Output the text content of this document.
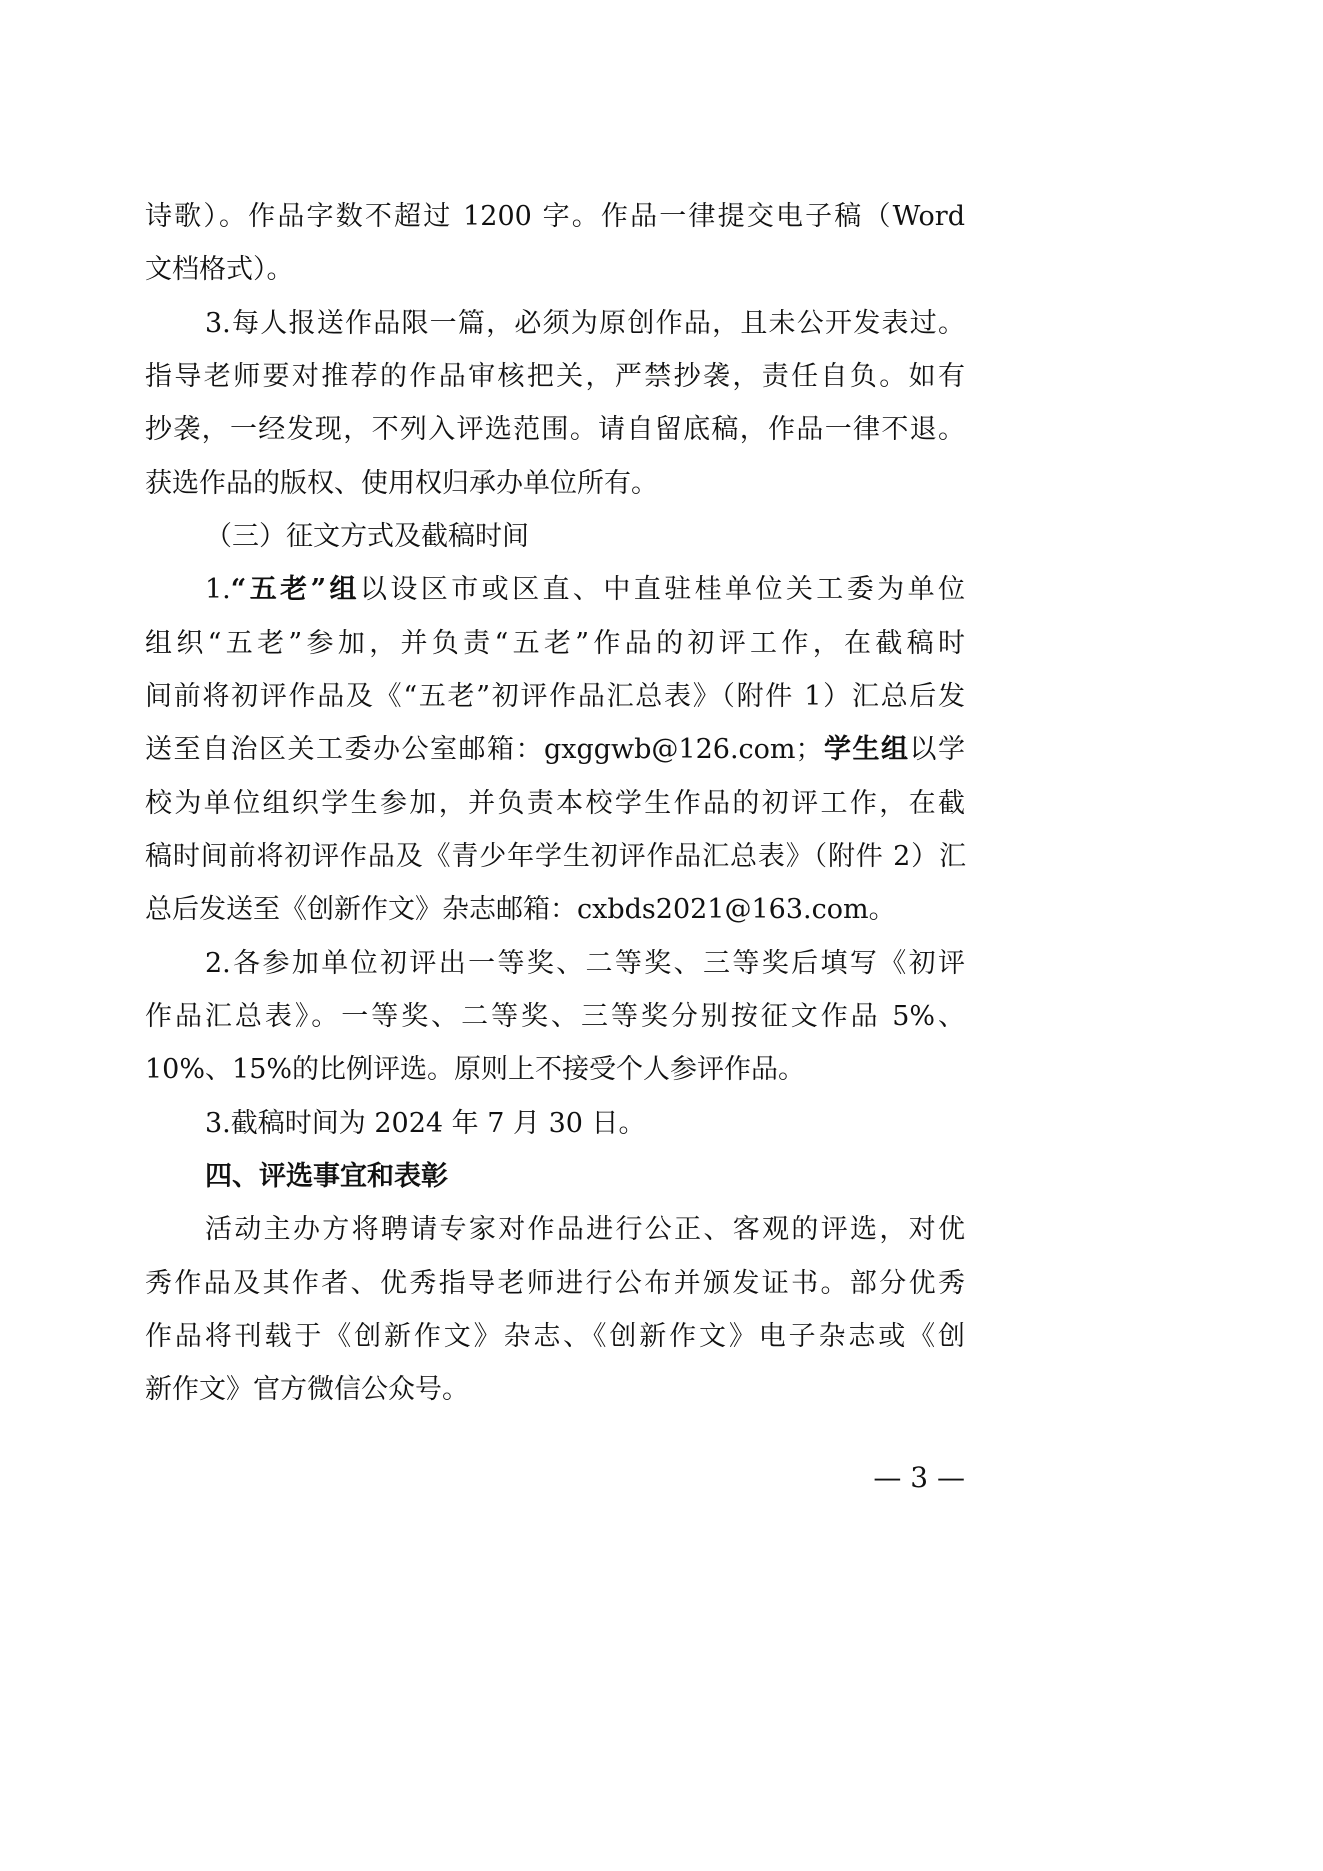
诗歌）。作品字数不超过 1200 字。作品一律提交电子稿（Word
文档格式）。
3.每人报送作品限一篇，必须为原创作品，且未公开发表过。
指导老师要对推荐的作品审核把关，严禁抄袭，责任自负。如有
抄袭，一经发现，不列入评选范围。请自留底稿，作品一律不退。
获选作品的版权、使用权归承办单位所有。
（三）征文方式及截稿时间
1.“五老”组以设区市或区直、中直驻桂单位关工委为单位
组织“五老”参加，并负责“五老”作品的初评工作，在截稿时
间前将初评作品及《“五老”初评作品汇总表》（附件 1）汇总后发
送至自治区关工委办公室邮箱：gxggwb@126.com；学生组以学
校为单位组织学生参加，并负责本校学生作品的初评工作，在截
稿时间前将初评作品及《青少年学生初评作品汇总表》（附件 2）汇
总后发送至《创新作文》杂志邮箱：cxbds2021@163.com。
2.各参加单位初评出一等奖、二等奖、三等奖后填写《初评
作品汇总表》。一等奖、二等奖、三等奖分别按征文作品 5%、
10%、15%的比例评选。原则上不接受个人参评作品。
3.截稿时间为 2024 年 7 月 30 日。
四、评选事宜和表彰
活动主办方将聘请专家对作品进行公正、客观的评选，对优
秀作品及其作者、优秀指导老师进行公布并颁发证书。部分优秀
作品将刊载于《创新作文》杂志、《创新作文》电子杂志或《创
新作文》官方微信公众号。
— 3 —
